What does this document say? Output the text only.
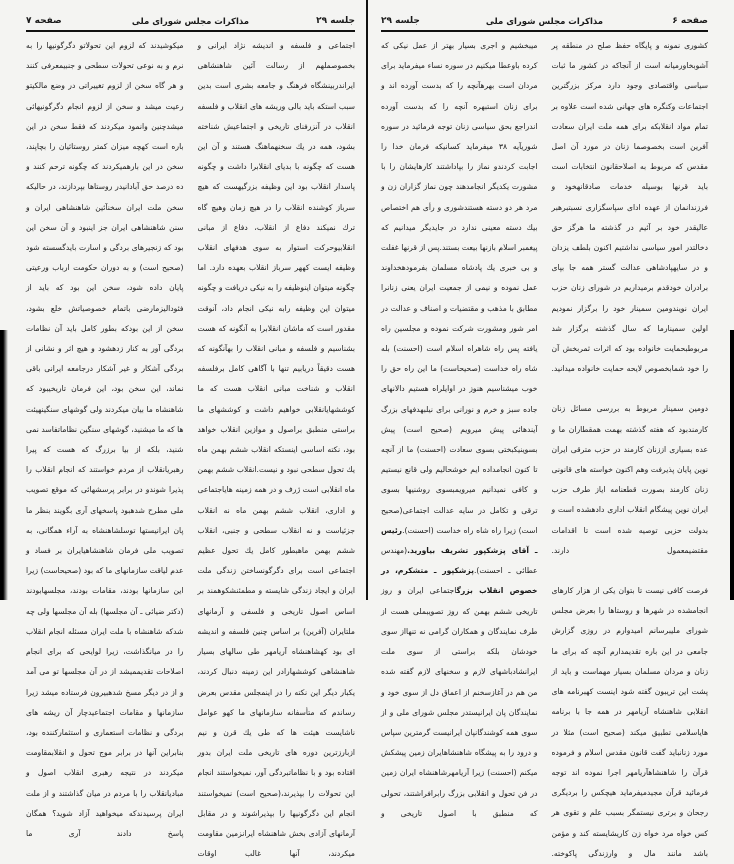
جلسه ۲۹
مذاکرات مجلس شورای ملی
صفحه ۷
اجتماعی و فلسفه و اندیشه نژاد ایرانی و بخصوصملهم از رسالت آئین شاهنشاهی ایراندربینشگاه فرهنگ و جامعه بشری است بدین سبب استکه باید بالی وریشه های انقلاب و فلسفه انقلاب در آنزرفنای تاریخی و اجتماعیش شناخته بشود، همه در یك سخنهماهنگ هستند و آن این هست که چگونه با بدیای انقلابرا داشت و چگونه پاسدار انقلاب بود این وظیفه بزرگیهست که هیچ سرباز کوشنده انقلاب را در هیچ زمان وهیچ گاه ترك نمیکند دفاع از انقلاب، دفاع از مبانی انقلابیوحرکت استوار به سوی هدفهای انقلاب وظیفه ایست کههر سرباز انقلاب بعهده دارد. اما چگونه میتوان اینوظیفه را به نیکی دریافت و چگونه میتوان این وظیفه رابه نیکی انجام داد، آنوقت مقدور است که ماشان انقلابرا به آنگونه که هست بشناسیم و فلسفه و مبانی انقلاب را بهآنگونه که هست دقیقاً دریابیم تنها با آگاهی کامل برفلسفه انقلاب و شناخت مبانی انقلاب هست که ما کوششهایانقلابی خواهیم داشت و کوششهای ما براستی منطبق براصول و موازین انقلاب خواهد بود، نکته اساسی اینستکه انقلاب ششم بهمن ماه یك تحول سطحی نبود و نیست.انقلاب ششم بهمن ماه انقلابی است ژرف و در همه زمینه هایاجتماعی و اداری، انقلاب ششم بهمن ماه نه انقلاب جزئیاست و نه انقلاب سطحی و جنبی، انقلاب ششم بهمن ماهبطور کامل یك تحول عظیم اجتماعی است برای دگرگونساختن زندگی ملت ایران و ایجاد زندگی شایسته و مطمئنشکوهمند بر اساس اصول تاریخی و فلسفی و آرمانهای ملتایران (آفرین) بر اساس چنین فلسفه و اندیشه ای بود کهشاهنشاه آریامهر طی سالهای بسیار شاهنشاهی کوششهارادر این زمینه دنبال کردند، یکبار دیگر این نکته را در اینمجلس مقدس بعرض رساندم که متأسفانه سازمانهای ما کهو عوامل ناشایست هیئت ها که طی یك قرن و نیم ازبارزترین دوره های تاریخی ملت ایران بدور افتاده بود و با نظاماتبردگی آور، نمیخواستند انجام این تحولات را بپذیرند،(صحیح است) نمیخواستند انجام این دگرگونیها را بپذیراشوند و در مقابل آرمانهای آزادی بخش شاهنشاه ایرانزمین مقاومت میکردند، آنها غالب اوقات
میکوشیدند که لزوم این تحولاتو دگرگونیها را به نرم و به نوعی تحولات سطحی و جنبیمعرفی کنند و هر گاه سخن از لزوم تغییراتی در وضع مالکیتو رعیت میشد و سخن از لزوم انجام دگرگونیهائی میشدچنین وانمود میکردند که فقط سخن در این باره است کهچه میزان کمتر روستائیان را بچاپند، سخن در این بارهمیکردند که چگونه ترحم کنند و ده درصد حق آبادانیدر روستاها بپردازند، در حالیکه سخن ملت ایران سخنآئین شاهنشاهی ایران و سنن شاهنشاهی ایران جز اینبود و آن سخن این بود که زنجیرهای بردگی و اسارت بایدگسسته شود (صحیح است) و به دوران حکومت ارباب ورعیتی پایان داده شود، سخن این بود که باید از فئودالیزمارضی باتمام خصوصیاتش خلع بشود، سخن از این بودکه بطور کامل باید آن نظامات بردگی آور به کنار زدهشود و هیچ اثر و نشانی از بردگی آشکار و غیر آشکار درجامعه ایرانی باقی نماند، این سخن بود، این فرمان تاریخیبود که شاهنشاه ما بیان میکردند ولی گوشهای سنگینهیئت ها که ما میشنید، گوشهای سنگین نظاماتفاسد نمی شنید، بلکه از بیا برزرگ که هست که پیرا رهبریانقلاب از مردم خواستند که انجام انقلاب را پذیرا شوندو در برابر پرسشهائی که موقع تصویب ملی مطرح شدهبود پاسخهای آری بگویند بنظر ما پان ایرانیستها توسلشاهنشاه به آراء همگانی، به تصویب ملی فرمان شاهنشاهیایران بر فساد و عدم لیاقت سازمانهای ما که بود (صحیحاست) زیرا این سازمانها بودند، مقامات بودند، مجلسهابودند (دکتر ضیائی ـ آن مجلسها) بله آن مجلسها ولی چه شدکه شاهنشاه با ملت ایران مسئله انجام انقلاب را در میانگذاشت، زیرا لوایحی که برای انجام اصلاحات تقدیممیشد از در آن مجلسها تو می آمد و از در دیگر مسخ شدهبیرون فرستاده میشد زیرا سازمانها و مقامات اجتماعیدچار آن ریشه های بردگی و نظامات استعماری و استثمارکننده بود، بنابراین آنها در برابر موج تحول و انقلابمقاومت میکردند در نتیجه رهبری انقلاب اصول و مبادیانقلاب را با مردم در میان گذاشتند و از ملت ایران پرسیدندکه میخواهید آزاد شوید؟ همگان پاسخ دادند آری ما
صفحه ۶
مذاکرات مجلس شورای ملی
جلسه ۲۹
کشوری نمونه و پایگاه حفظ صلح در منطقه پر آشوبخاورمیانه است از آنجاکه در کشور ما ثبات سیاسی واقتصادی وجود دارد مرکز بزرگترین اجتماعات وکنگره های جهانی شده است علاوه بر تمام مواد انقلابکه برای همه ملت ایران سعادت آفرین است بخصوصما زنان در مورد آن اصل مقدس که مربوط به اصلاحقانون انتخابات است باید قرنها بوسیله خدمات صادقانهخود و فرزندانمان از عهده ادای سپاسگزاری نسبتبرهبر عالیقدر خود بر آئیم در گذشته ما هرگز حق دخالتدر امور سیاسی نداشتیم اکنون بلطف یزدان و در سایهپادشاهی عدالت گستر همه جا بپای برادران خودقدم برمیداریم در شورای زنان حزب ایران نویندومین سمینار خود را برگزار نمودیم اولین سمینارما که سال گذشته برگزار شد مربوطبحمایت خانواده بود که اثرات ثمربخش آن را خود شمابخصوص لایحه حمایت خانواده میدانید.
دومین سمینار مربوط به بررسی مسائل زنان کارمندبود که هفته گذشته بهمت همقطاران ما و عده بسیاری اززنان کارمند در حزب مترقی ایران نوین پایان پذیرفت وهم اکنون خواسته های قانونی زنان کارمند بصورت قطعنامه ایاز طرف حزب ایران نوین پیشگام انقلاب اداری دادهشده است و بدولت حزبی توصیه شده است تا اقدامات مقتضیمعمول دارند.
فرصت کافی نیست تا بتوان یکی از هزار کارهای انجامشده در شهرها و روستاها را بعرض مجلس شورای ملیبرسانم امیدوارم در روزی گزارش جامعی در این باره تقدیمدارم آنچه که برای ما زنان و مردان مسلمان بسیار مهماست و باید از پشت این تریبون گفته شود اینست کهبرنامه های انقلابی شاهنشاه آریامهر در همه جا با برنامه هایاسلامی تطبیق میکند (صحیح است) مثلا در مورد زنانباید گفت قانون مقدس اسلام و فرموده قرآن را شاهنشاهآریامهر اجرا نموده اند توجه فرمائید قرآن مجیدمیفرماید هیچکس را بردیگری رجحان و برتری نیستمگر بسبب علم و تقوی هر کس خواه مرد خواه زن کاریشایسته کند و مؤمن باشد مانند مال و وارزندگی پاکوخته.
میبخشیم و اجری بسیار بهتر از عمل نیکی که کرده باوعطا میکنیم در سوره نساء میفرماید برای مردان است بهرهآنچه را که بدست آورده اند و برای زنان استبهره آنچه را که بدست آورده اندراجع بحق سیاسی زنان توجه فرمائید در سوره شوریآیه ۳۸ میفرماید کسانیکه فرمان خدا را اجابت کردندو نماز را بپاداشتند کارهایشان را با مشورت یکدیگر انجامدهند چون نماز گزاران زن و مرد هر دو دسته هستندشوری و رأی هم اختصاص بیك دسته معینی ندارد در جایدیگر میدانیم که پیغمبر اسلام بازنها بیعت بستند.پس از قرنها غفلت و بی خبری یك پادشاه مسلمان بفرمودهخداوند عمل نموده و نیمی از جمعیت ایران یعنی زنانرا مطابق با مذهب و مقتضیات و اصناف و عدالت در امر شور ومشورت شرکت نموده و مجلسین راه یافته پس راه شاهراه اسلام است (احسنت) بله شاه راه خداست (صحیحاست) ما این راه حق را خوب میشناسیم هنوز در اوایلراه هستیم دالانهای جاده سبز و خرم و نورانی برای نیلبهدفهای بزرگ آیندهائی پیش میرویم (صحیح است) پیش بسوینیکبختی بسوی سعادت (احسنت) ما از آنچه تا کنون انجامداده ایم خوشحالیم ولی قانع نیستیم و کافی نمیدانیم میرویمبسوی روشنیها بسوی ترقی و تکامل در سایه عدالت اجتماعی(صحیح است) زیرا راه شاه راه خداست (احسنت).رئیس ـ آقای پزشکپور تشریف بیاورید.(مهندس عطائی ـ احسنت).پزشکپور ـ متشکرم، در خصوص انقلاب بزرگاجتماعی ایران و روز تاریخی ششم بهمن که روز تصویبملی هست از طرف نمایندگان و همکاران گرامی نه تنهااز سوی خودشان بلکه براستی از سوی ملت ایرانشادباشهای لازم و سخنهای لازم گفته شده من هم در آغازسخنم از اعماق دل از سوی خود و نمایندگان پان ایرانیستدر مجلس شورای ملی و از سوی همه کوشندگانپان ایرانیست گرمترین سپاس و درود را به پیشگاه شاهنشاهایران زمین پیشکش میکنم (احسنت) زیرا آریامهرشاهنشاه ایران زمین در فن تحول و انقلابی بزرگ رابرافراشتند، تحولی که منطبق با اصول تاریخی و
